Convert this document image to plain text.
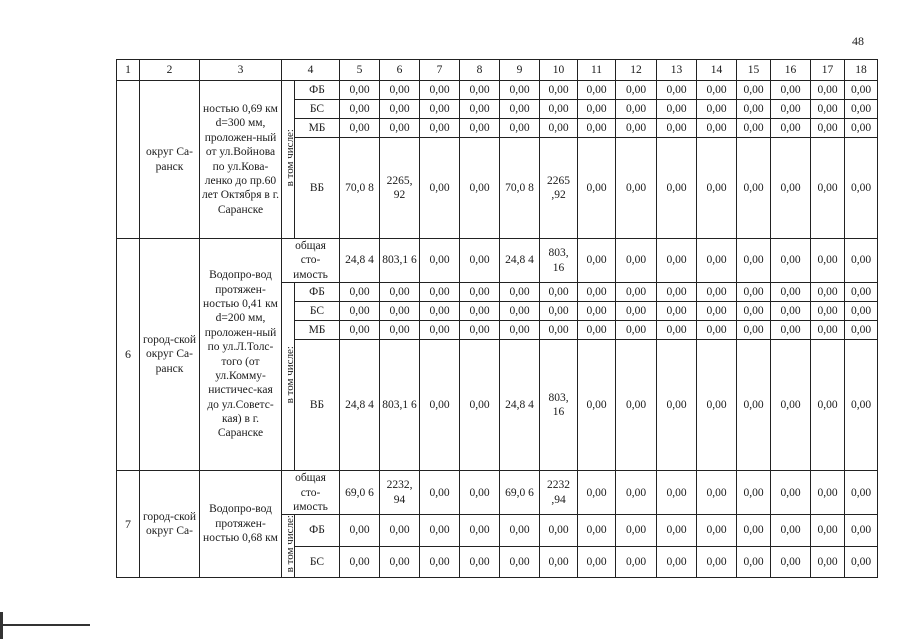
48
1	2	3	4		5	6	7	8	9	10	11	12	13	14	15	16	17	18
	округ Са-ранск	ностью 0,69 км d=300 мм, проложен-ный от ул.Войнова по ул.Кова-ленко до пр.60 лет Октября в г. Саранске	в том числе:	ФБ	0,00	0,00	0,00	0,00	0,00	0,00	0,00	0,00	0,00	0,00	0,00	0,00	0,00	0,00
				БС	0,00	0,00	0,00	0,00	0,00	0,00	0,00	0,00	0,00	0,00	0,00	0,00	0,00	0,00
				МБ	0,00	0,00	0,00	0,00	0,00	0,00	0,00	0,00	0,00	0,00	0,00	0,00	0,00	0,00
				ВБ	70,0 8	2265, 92	0,00	0,00	70,0 8	2265 ,92	0,00	0,00	0,00	0,00	0,00	0,00	0,00	0,00
6	город-ской округ Са-ранск	Водопро-вод протяжен-ностью 0,41 км d=200 мм, проложен-ный по ул.Л.Толс-того (от ул.Комму-нистичес-кая до ул.Советс-кая) в г. Саранске	общая сто-имость		24,8 4	803,1 6	0,00	0,00	24,8 4	803, 16	0,00	0,00	0,00	0,00	0,00	0,00	0,00	0,00
			в том числе:	ФБ	0,00	0,00	0,00	0,00	0,00	0,00	0,00	0,00	0,00	0,00	0,00	0,00	0,00	0,00
				БС	0,00	0,00	0,00	0,00	0,00	0,00	0,00	0,00	0,00	0,00	0,00	0,00	0,00	0,00
				МБ	0,00	0,00	0,00	0,00	0,00	0,00	0,00	0,00	0,00	0,00	0,00	0,00	0,00	0,00
				ВБ	24,8 4	803,1 6	0,00	0,00	24,8 4	803, 16	0,00	0,00	0,00	0,00	0,00	0,00	0,00	0,00
7	город-ской округ Са-	Водопро-вод протяжен-ностью 0,68 км	общая сто-имость		69,0 6	2232, 94	0,00	0,00	69,0 6	2232 ,94	0,00	0,00	0,00	0,00	0,00	0,00	0,00	0,00
			в том числе:	ФБ	0,00	0,00	0,00	0,00	0,00	0,00	0,00	0,00	0,00	0,00	0,00	0,00	0,00	0,00
				БС	0,00	0,00	0,00	0,00	0,00	0,00	0,00	0,00	0,00	0,00	0,00	0,00	0,00	0,00
